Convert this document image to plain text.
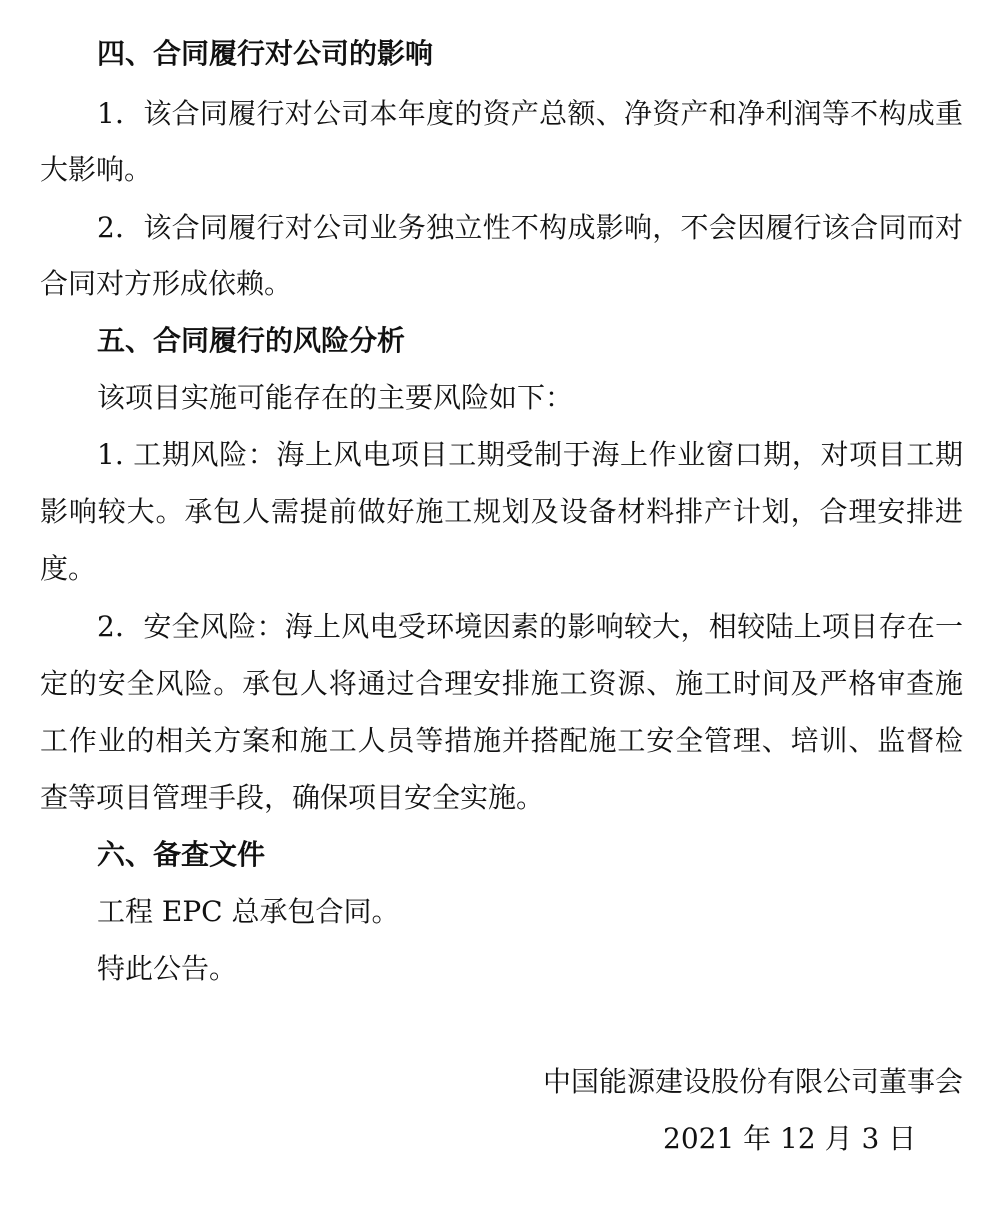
四、合同履行对公司的影响

1．该合同履行对公司本年度的资产总额、净资产和净利润等不构成重

大影响。

2．该合同履行对公司业务独立性不构成影响，不会因履行该合同而对

合同对方形成依赖。

五、合同履行的风险分析

该项目实施可能存在的主要风险如下：

1. 工期风险：海上风电项目工期受制于海上作业窗口期，对项目工期

影响较大。承包人需提前做好施工规划及设备材料排产计划，合理安排进

度。

2．安全风险：海上风电受环境因素的影响较大，相较陆上项目存在一

定的安全风险。承包人将通过合理安排施工资源、施工时间及严格审查施

工作业的相关方案和施工人员等措施并搭配施工安全管理、培训、监督检

查等项目管理手段，确保项目安全实施。

六、备查文件

工程 EPC 总承包合同。

特此公告。

中国能源建设股份有限公司董事会

2021 年 12 月 3 日
